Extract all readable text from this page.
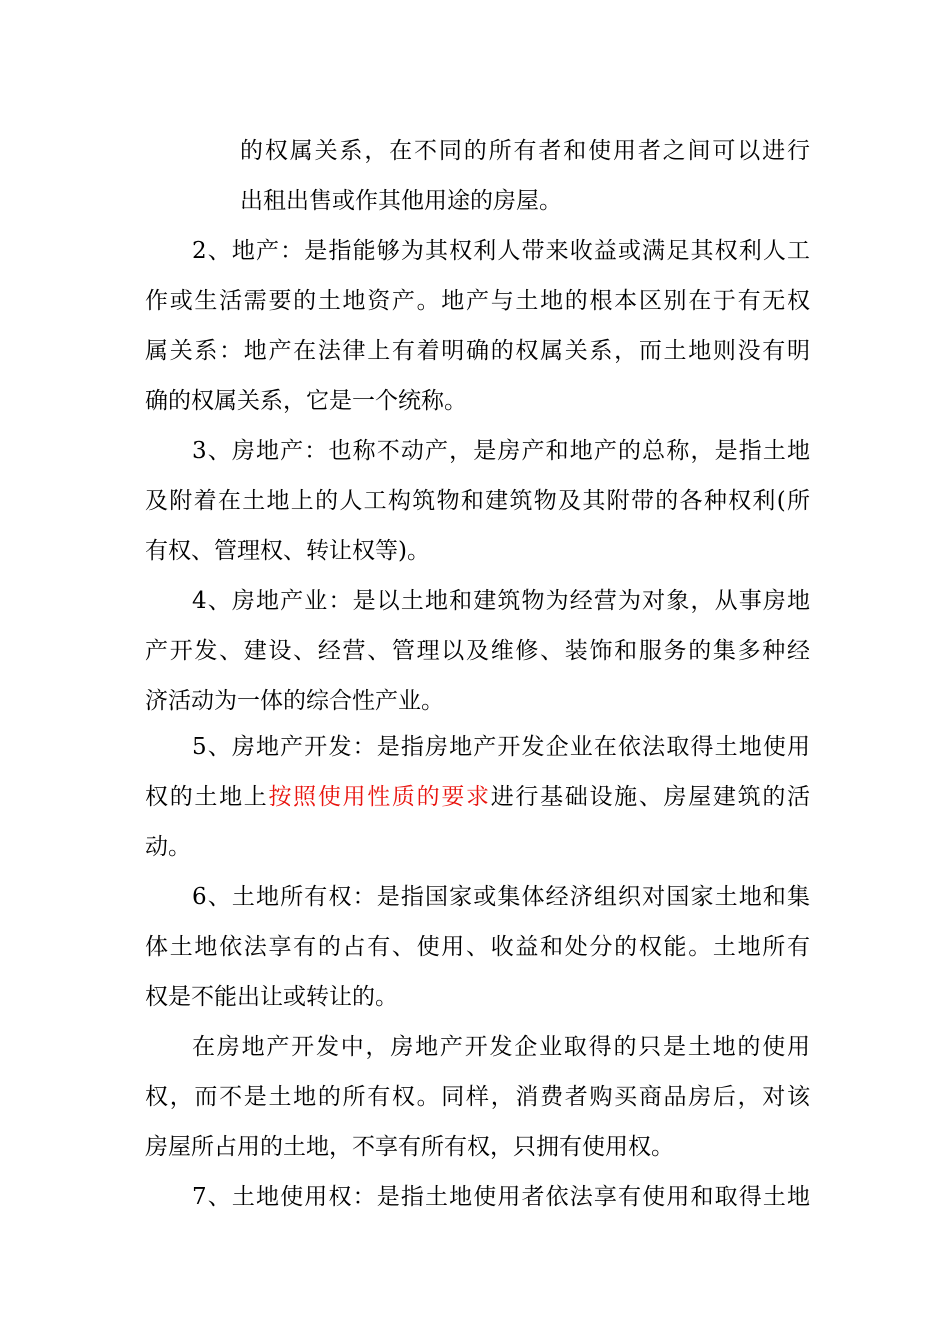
的权属关系，在不同的所有者和使用者之间可以进行
出租出售或作其他用途的房屋。
2、地产：是指能够为其权利人带来收益或满足其权利人工
作或生活需要的土地资产。地产与土地的根本区别在于有无权
属关系：地产在法律上有着明确的权属关系，而土地则没有明
确的权属关系，它是一个统称。
3、房地产：也称不动产，是房产和地产的总称，是指土地
及附着在土地上的人工构筑物和建筑物及其附带的各种权利(所
有权、管理权、转让权等)。
4、房地产业：是以土地和建筑物为经营为对象，从事房地
产开发、建设、经营、管理以及维修、装饰和服务的集多种经
济活动为一体的综合性产业。
5、房地产开发：是指房地产开发企业在依法取得土地使用
权的土地上按照使用性质的要求进行基础设施、房屋建筑的活
动。
6、土地所有权：是指国家或集体经济组织对国家土地和集
体土地依法享有的占有、使用、收益和处分的权能。土地所有
权是不能出让或转让的。
在房地产开发中，房地产开发企业取得的只是土地的使用
权，而不是土地的所有权。同样，消费者购买商品房后，对该
房屋所占用的土地，不享有所有权，只拥有使用权。
7、土地使用权：是指土地使用者依法享有使用和取得土地
